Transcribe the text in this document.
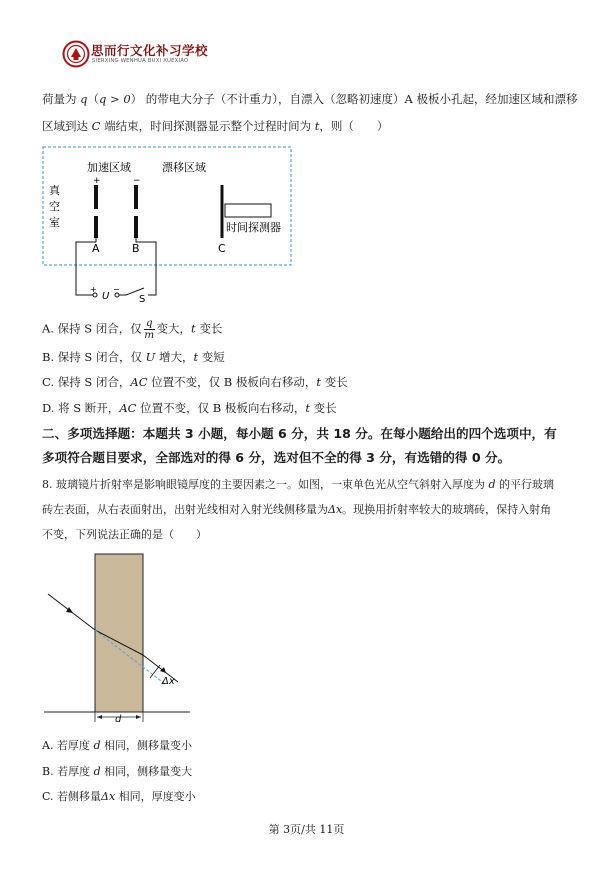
思而行文化补习学校
SIERXING WENHUA BUXI XUEXIAO
荷量为 q（q > 0） 的带电大分子（不计重力），自漂入（忽略初速度）A 极板小孔起，经加速区域和漂移
区域到达 C 端结束，时间探测器显示整个过程时间为 t，则（　　）
加速区域	漂移区域
真
空
室
+	−
A	B	C
时间探测器
+
U
−
S
A. 保持 S 闭合，仅 $\frac{q}{m}$ 变大，t 变长
B. 保持 S 闭合，仅 U 增大，t 变短
C. 保持 S 闭合，AC 位置不变，仅 B 极板向右移动，t 变长
D. 将 S 断开，AC 位置不变，仅 B 极板向右移动，t 变长
二、多项选择题：本题共 3 小题，每小题 6 分，共 18 分。在每小题给出的四个选项中，有
多项符合题目要求，全部选对的得 6 分，选对但不全的得 3 分，有选错的得 0 分。
8. 玻璃镜片折射率是影响眼镜厚度的主要因素之一。如图，一束单色光从空气斜射入厚度为 d 的平行玻璃
砖左表面，从右表面射出，出射光线相对入射光线侧移量为Δx。现换用折射率较大的玻璃砖，保持入射角
不变，下列说法正确的是（　　）
Δx
d
A. 若厚度 d 相同，侧移量变小
B. 若厚度 d 相同，侧移量变大
C. 若侧移量Δx 相同，厚度变小
第 3页/共 11页
